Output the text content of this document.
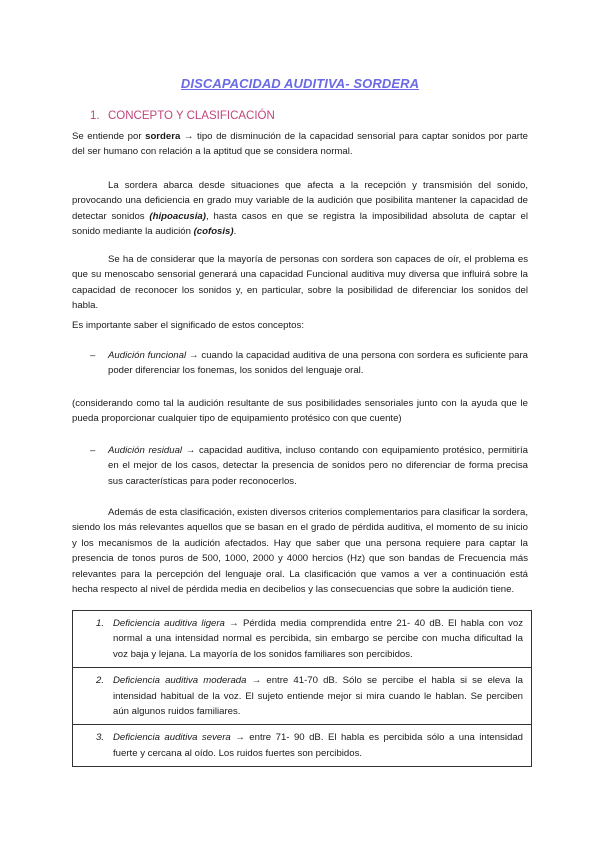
DISCAPACIDAD AUDITIVA- SORDERA
1. CONCEPTO Y CLASIFICACIÓN

Se entiende por sordera → tipo de disminución de la capacidad sensorial para captar sonidos por parte del ser humano con relación a la aptitud que se considera normal.

La sordera abarca desde situaciones que afecta a la recepción y transmisión del sonido, provocando una deficiencia en grado muy variable de la audición que posibilita mantener la capacidad de detectar sonidos (hipoacusia), hasta casos en que se registra la imposibilidad absoluta de captar el sonido mediante la audición (cofosis).

Se ha de considerar que la mayoría de personas con sordera son capaces de oír, el problema es que su menoscabo sensorial generará una capacidad Funcional auditiva muy diversa que influirá sobre la capacidad de reconocer los sonidos y, en particular, sobre la posibilidad de diferenciar los sonidos del habla.

Es importante saber el significado de estos conceptos:

– Audición funcional → cuando la capacidad auditiva de una persona con sordera es suficiente para poder diferenciar los fonemas, los sonidos del lenguaje oral.

(considerando como tal la audición resultante de sus posibilidades sensoriales junto con la ayuda que le pueda proporcionar cualquier tipo de equipamiento protésico con que cuente)

– Audición residual → capacidad auditiva, incluso contando con equipamiento protésico, permitiría en el mejor de los casos, detectar la presencia de sonidos pero no diferenciar de forma precisa sus características para poder reconocerlos.

Además de esta clasificación, existen diversos criterios complementarios para clasificar la sordera, siendo los más relevantes aquellos que se basan en el grado de pérdida auditiva, el momento de su inicio y los mecanismos de la audición afectados. Hay que saber que una persona requiere para captar la presencia de tonos puros de 500, 1000, 2000 y 4000 hercios (Hz) que son bandas de Frecuencia más relevantes para la percepción del lenguaje oral. La clasificación que vamos a ver a continuación está hecha respecto al nivel de pérdida media en decibelios y las consecuencias que sobre la audición tiene.

1. Deficiencia auditiva ligera → Pérdida media comprendida entre 21- 40 dB. El habla con voz normal a una intensidad normal es percibida, sin embargo se percibe con mucha dificultad la voz baja y lejana. La mayoría de los sonidos familiares son percibidos.
2. Deficiencia auditiva moderada → entre 41-70 dB. Sólo se percibe el habla si se eleva la intensidad habitual de la voz. El sujeto entiende mejor si mira cuando le hablan. Se perciben aún algunos ruidos familiares.
3. Deficiencia auditiva severa → entre 71- 90 dB. El habla es percibida sólo a una intensidad fuerte y cercana al oído. Los ruidos fuertes son percibidos.
